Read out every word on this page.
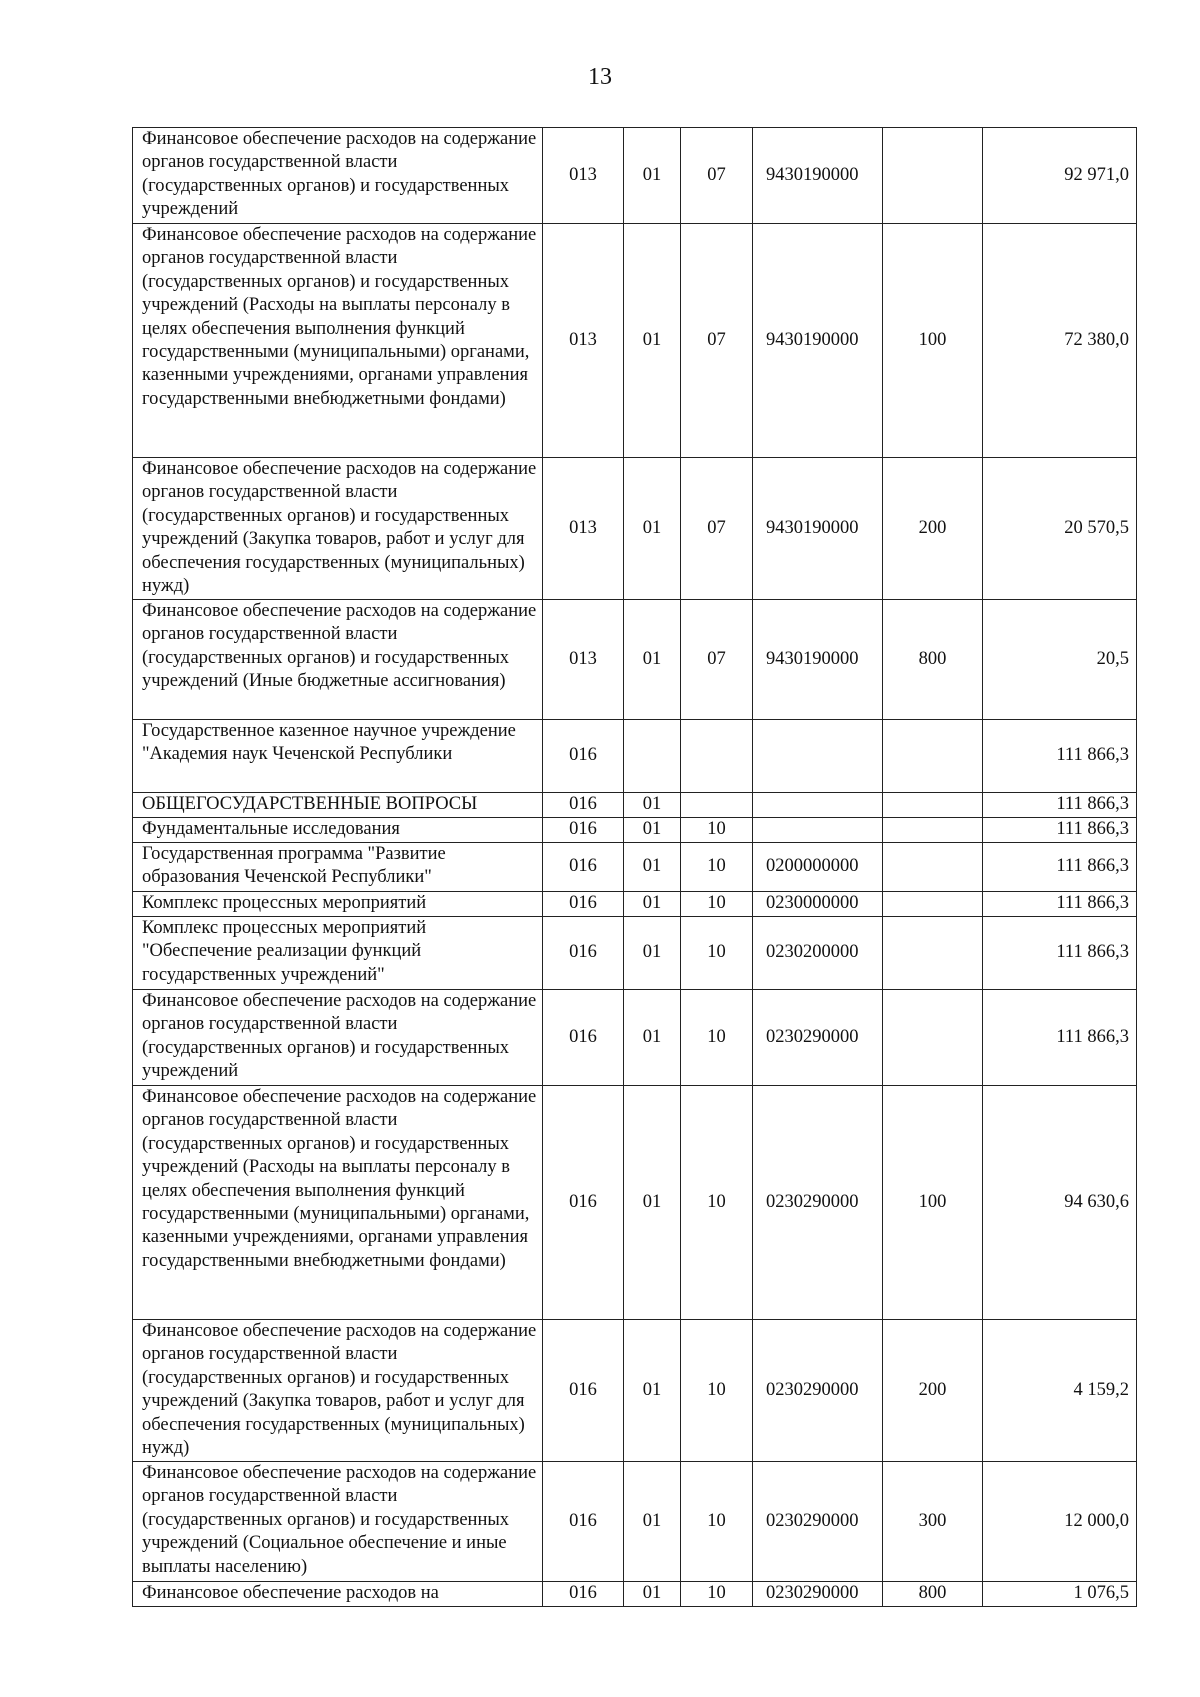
13
Финансовое обеспечение расходов на содержание органов государственной власти (государственных органов) и государственных учреждений	013	01	07	9430190000		92 971,0
Финансовое обеспечение расходов на содержание органов государственной власти (государственных органов) и государственных учреждений (Расходы на выплаты персоналу в целях обеспечения выполнения функций государственными (муниципальными) органами, казенными учреждениями, органами управления государственными внебюджетными фондами)	013	01	07	9430190000	100	72 380,0
Финансовое обеспечение расходов на содержание органов государственной власти (государственных органов) и государственных учреждений (Закупка товаров, работ и услуг для обеспечения государственных (муниципальных) нужд)	013	01	07	9430190000	200	20 570,5
Финансовое обеспечение расходов на содержание органов государственной власти (государственных органов) и государственных учреждений (Иные бюджетные ассигнования)	013	01	07	9430190000	800	20,5
Государственное казенное научное учреждение "Академия наук Чеченской Республики	016					111 866,3
ОБЩЕГОСУДАРСТВЕННЫЕ ВОПРОСЫ	016	01				111 866,3
Фундаментальные исследования	016	01	10			111 866,3
Государственная программа "Развитие образования Чеченской Республики"	016	01	10	0200000000		111 866,3
Комплекс процессных мероприятий	016	01	10	0230000000		111 866,3
Комплекс процессных мероприятий "Обеспечение реализации функций государственных учреждений"	016	01	10	0230200000		111 866,3
Финансовое обеспечение расходов на содержание органов государственной власти (государственных органов) и государственных учреждений	016	01	10	0230290000		111 866,3
Финансовое обеспечение расходов на содержание органов государственной власти (государственных органов) и государственных учреждений (Расходы на выплаты персоналу в целях обеспечения выполнения функций государственными (муниципальными) органами, казенными учреждениями, органами управления государственными внебюджетными фондами)	016	01	10	0230290000	100	94 630,6
Финансовое обеспечение расходов на содержание органов государственной власти (государственных органов) и государственных учреждений (Закупка товаров, работ и услуг для обеспечения государственных (муниципальных) нужд)	016	01	10	0230290000	200	4 159,2
Финансовое обеспечение расходов на содержание органов государственной власти (государственных органов) и государственных учреждений (Социальное обеспечение и иные выплаты населению)	016	01	10	0230290000	300	12 000,0
Финансовое обеспечение расходов на	016	01	10	0230290000	800	1 076,5
